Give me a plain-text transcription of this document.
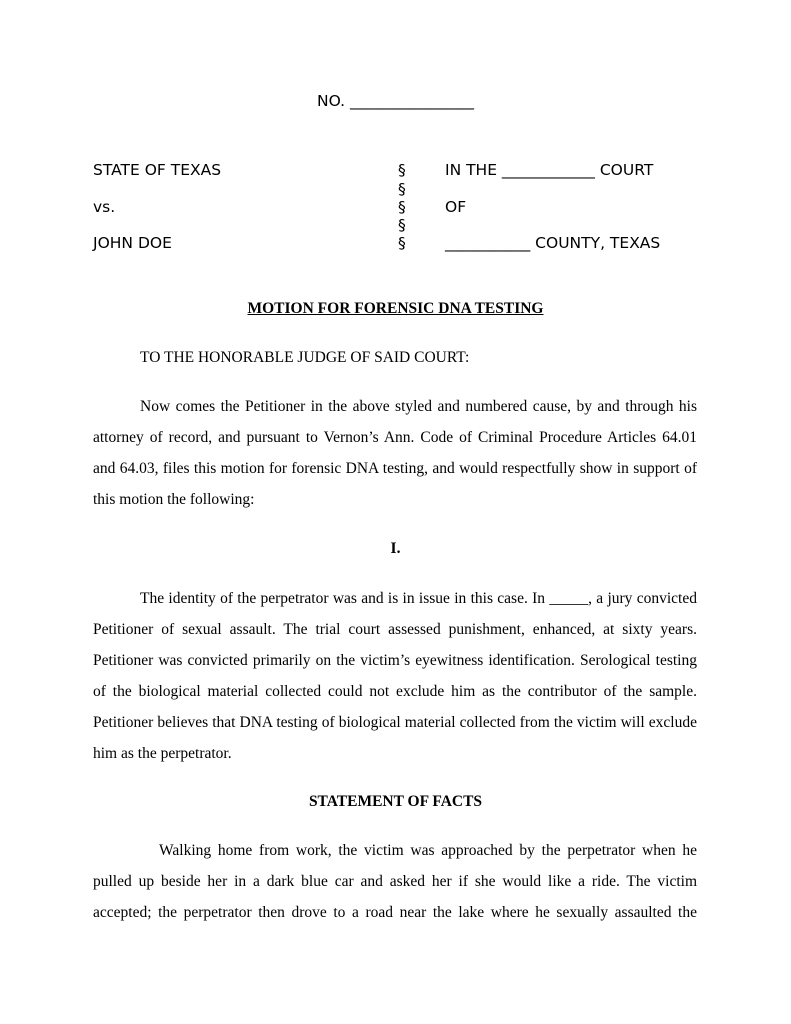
NO. ________________
STATE OF TEXAS
vs.
JOHN DOE
§
§
§
§
§
IN THE ____________ COURT
OF
___________ COUNTY, TEXAS
MOTION FOR FORENSIC DNA TESTING
TO THE HONORABLE JUDGE OF SAID COURT:
Now comes the Petitioner in the above styled and numbered cause, by and through his
attorney of record, and pursuant to Vernon’s Ann. Code of Criminal Procedure Articles 64.01
and 64.03, files this motion for forensic DNA testing, and would respectfully show in support of
this motion the following:
I.
The identity of the perpetrator was and is in issue in this case. In _____, a jury convicted
Petitioner of sexual assault. The trial court assessed punishment, enhanced, at sixty years.
Petitioner was convicted primarily on the victim’s eyewitness identification. Serological testing
of the biological material collected could not exclude him as the contributor of the sample.
Petitioner believes that DNA testing of biological material collected from the victim will exclude
him as the perpetrator.
STATEMENT OF FACTS
Walking home from work, the victim was approached by the perpetrator when he
pulled up beside her in a dark blue car and asked her if she would like a ride. The victim
accepted; the perpetrator then drove to a road near the lake where he sexually assaulted the
